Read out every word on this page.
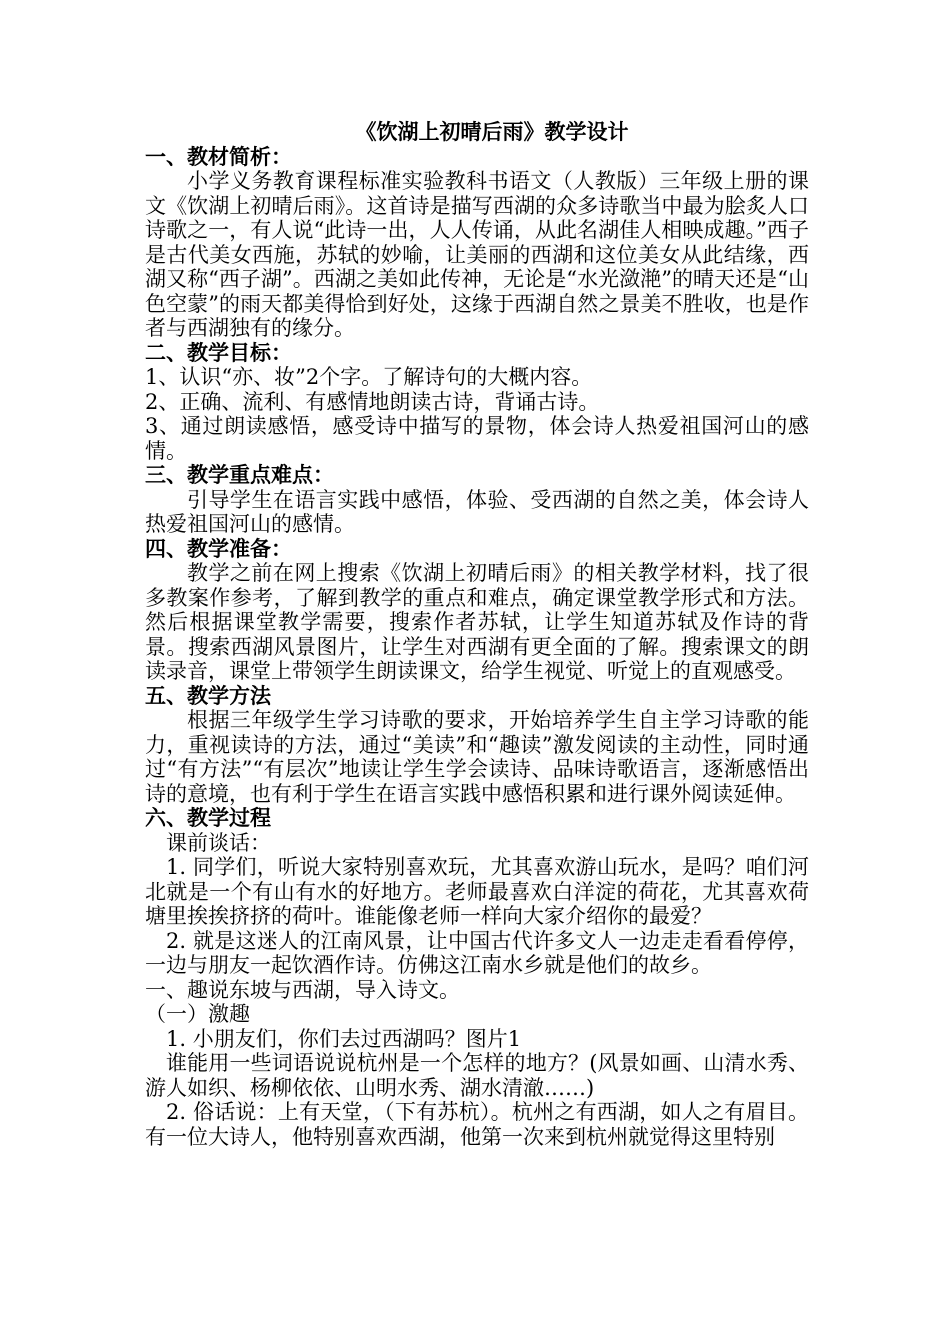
《饮湖上初晴后雨》教学设计

一、教材简析：

小学义务教育课程标准实验教科书语文（人教版）三年级上册的课文《饮湖上初晴后雨》。这首诗是描写西湖的众多诗歌当中最为脍炙人口诗歌之一，有人说“此诗一出，人人传诵，从此名湖佳人相映成趣。”西子是古代美女西施，苏轼的妙喻，让美丽的西湖和这位美女从此结缘，西湖又称“西子湖”。西湖之美如此传神，无论是“水光潋滟”的晴天还是“山色空蒙”的雨天都美得恰到好处，这缘于西湖自然之景美不胜收，也是作者与西湖独有的缘分。

二、教学目标：

1、认识“亦、妆”2个字。了解诗句的大概内容。

2、正确、流利、有感情地朗读古诗，背诵古诗。

3、通过朗读感悟，感受诗中描写的景物，体会诗人热爱祖国河山的感情。

三、教学重点难点：

引导学生在语言实践中感悟，体验、受西湖的自然之美，体会诗人热爱祖国河山的感情。

四、教学准备：

教学之前在网上搜索《饮湖上初晴后雨》的相关教学材料，找了很多教案作参考，了解到教学的重点和难点，确定课堂教学形式和方法。然后根据课堂教学需要，搜索作者苏轼，让学生知道苏轼及作诗的背景。搜索西湖风景图片，让学生对西湖有更全面的了解。搜索课文的朗读录音，课堂上带领学生朗读课文，给学生视觉、听觉上的直观感受。

五、教学方法

根据三年级学生学习诗歌的要求，开始培养学生自主学习诗歌的能力，重视读诗的方法，通过“美读”和“趣读”激发阅读的主动性，同时通过“有方法”“有层次”地读让学生学会读诗、品味诗歌语言，逐渐感悟出诗的意境，也有利于学生在语言实践中感悟积累和进行课外阅读延伸。

六、教学过程

课前谈话：

1. 同学们，听说大家特别喜欢玩，尤其喜欢游山玩水，是吗？咱们河北就是一个有山有水的好地方。老师最喜欢白洋淀的荷花，尤其喜欢荷塘里挨挨挤挤的荷叶。谁能像老师一样向大家介绍你的最爱？

2. 就是这迷人的江南风景，让中国古代许多文人一边走走看看停停，一边与朋友一起饮酒作诗。仿佛这江南水乡就是他们的故乡。

一、趣说东坡与西湖，导入诗文。

（一）激趣

1. 小朋友们，你们去过西湖吗？图片1

谁能用一些词语说说杭州是一个怎样的地方？(风景如画、山清水秀、游人如织、杨柳依依、山明水秀、湖水清澈……)

2. 俗话说：上有天堂，（下有苏杭）。杭州之有西湖，如人之有眉目。有一位大诗人，他特别喜欢西湖，他第一次来到杭州就觉得这里特别
